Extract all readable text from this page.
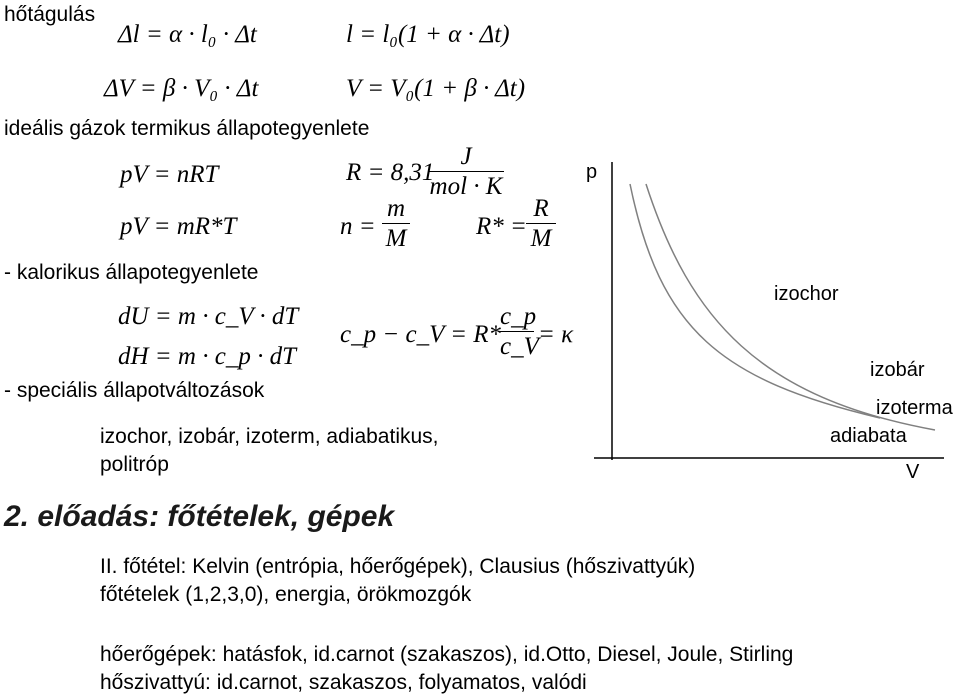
hőtágulás
Δl = α · l₀ · Δt	l = l₀(1 + α · Δt)
ΔV = β · V₀ · Δt	V = V₀(1 + β · Δt)
ideális gázok termikus állapotegyenlete
pV = nRT
pV = mR*T
R = 8,31
J
mol · K
n =
m
M	R* =
R
M
- kalorikus állapotegyenlete
dU = m · c_V · dT
dH = m · c_p · dT
c_p − c_V = R*
c_p
c_V = κ
- speciális állapotváltozások
izochor, izobár, izoterm, adiabatikus,
politróp
2. előadás: főtételek, gépek
II. főtétel: Kelvin (entrópia, hőerőgépek), Clausius (hőszivattyúk)
főtételek (1,2,3,0), energia, örökmozgók
hőerőgépek: hatásfok, id.carnot (szakaszos), id.Otto, Diesel, Joule, Stirling
hőszivattyú: id.carnot, szakaszos, folyamatos, valódi
p
V
izochor
izobár
izoterma
adiabata
